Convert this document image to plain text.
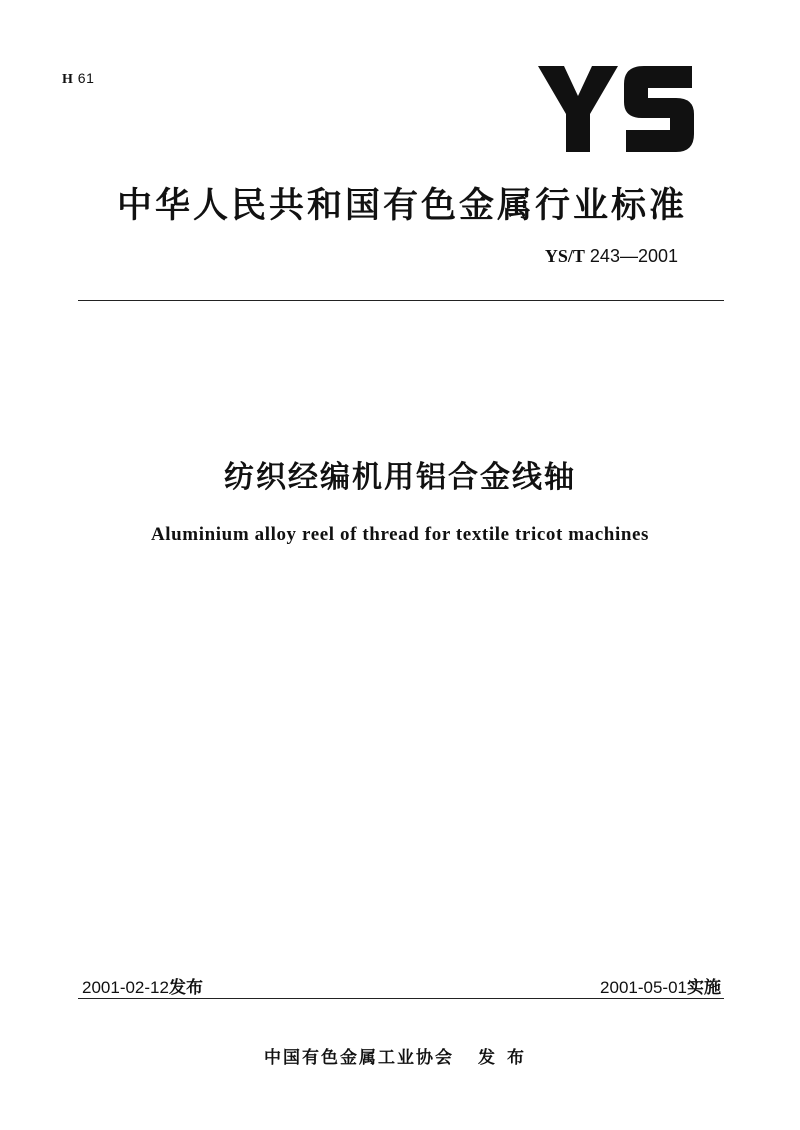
H 61
中华人民共和国有色金属行业标准
YS/T 243—2001
纺织经编机用铝合金线轴
Aluminium alloy reel of thread for textile tricot machines
2001-02-12发布	2001-05-01实施
中国有色金属工业协会 发布
